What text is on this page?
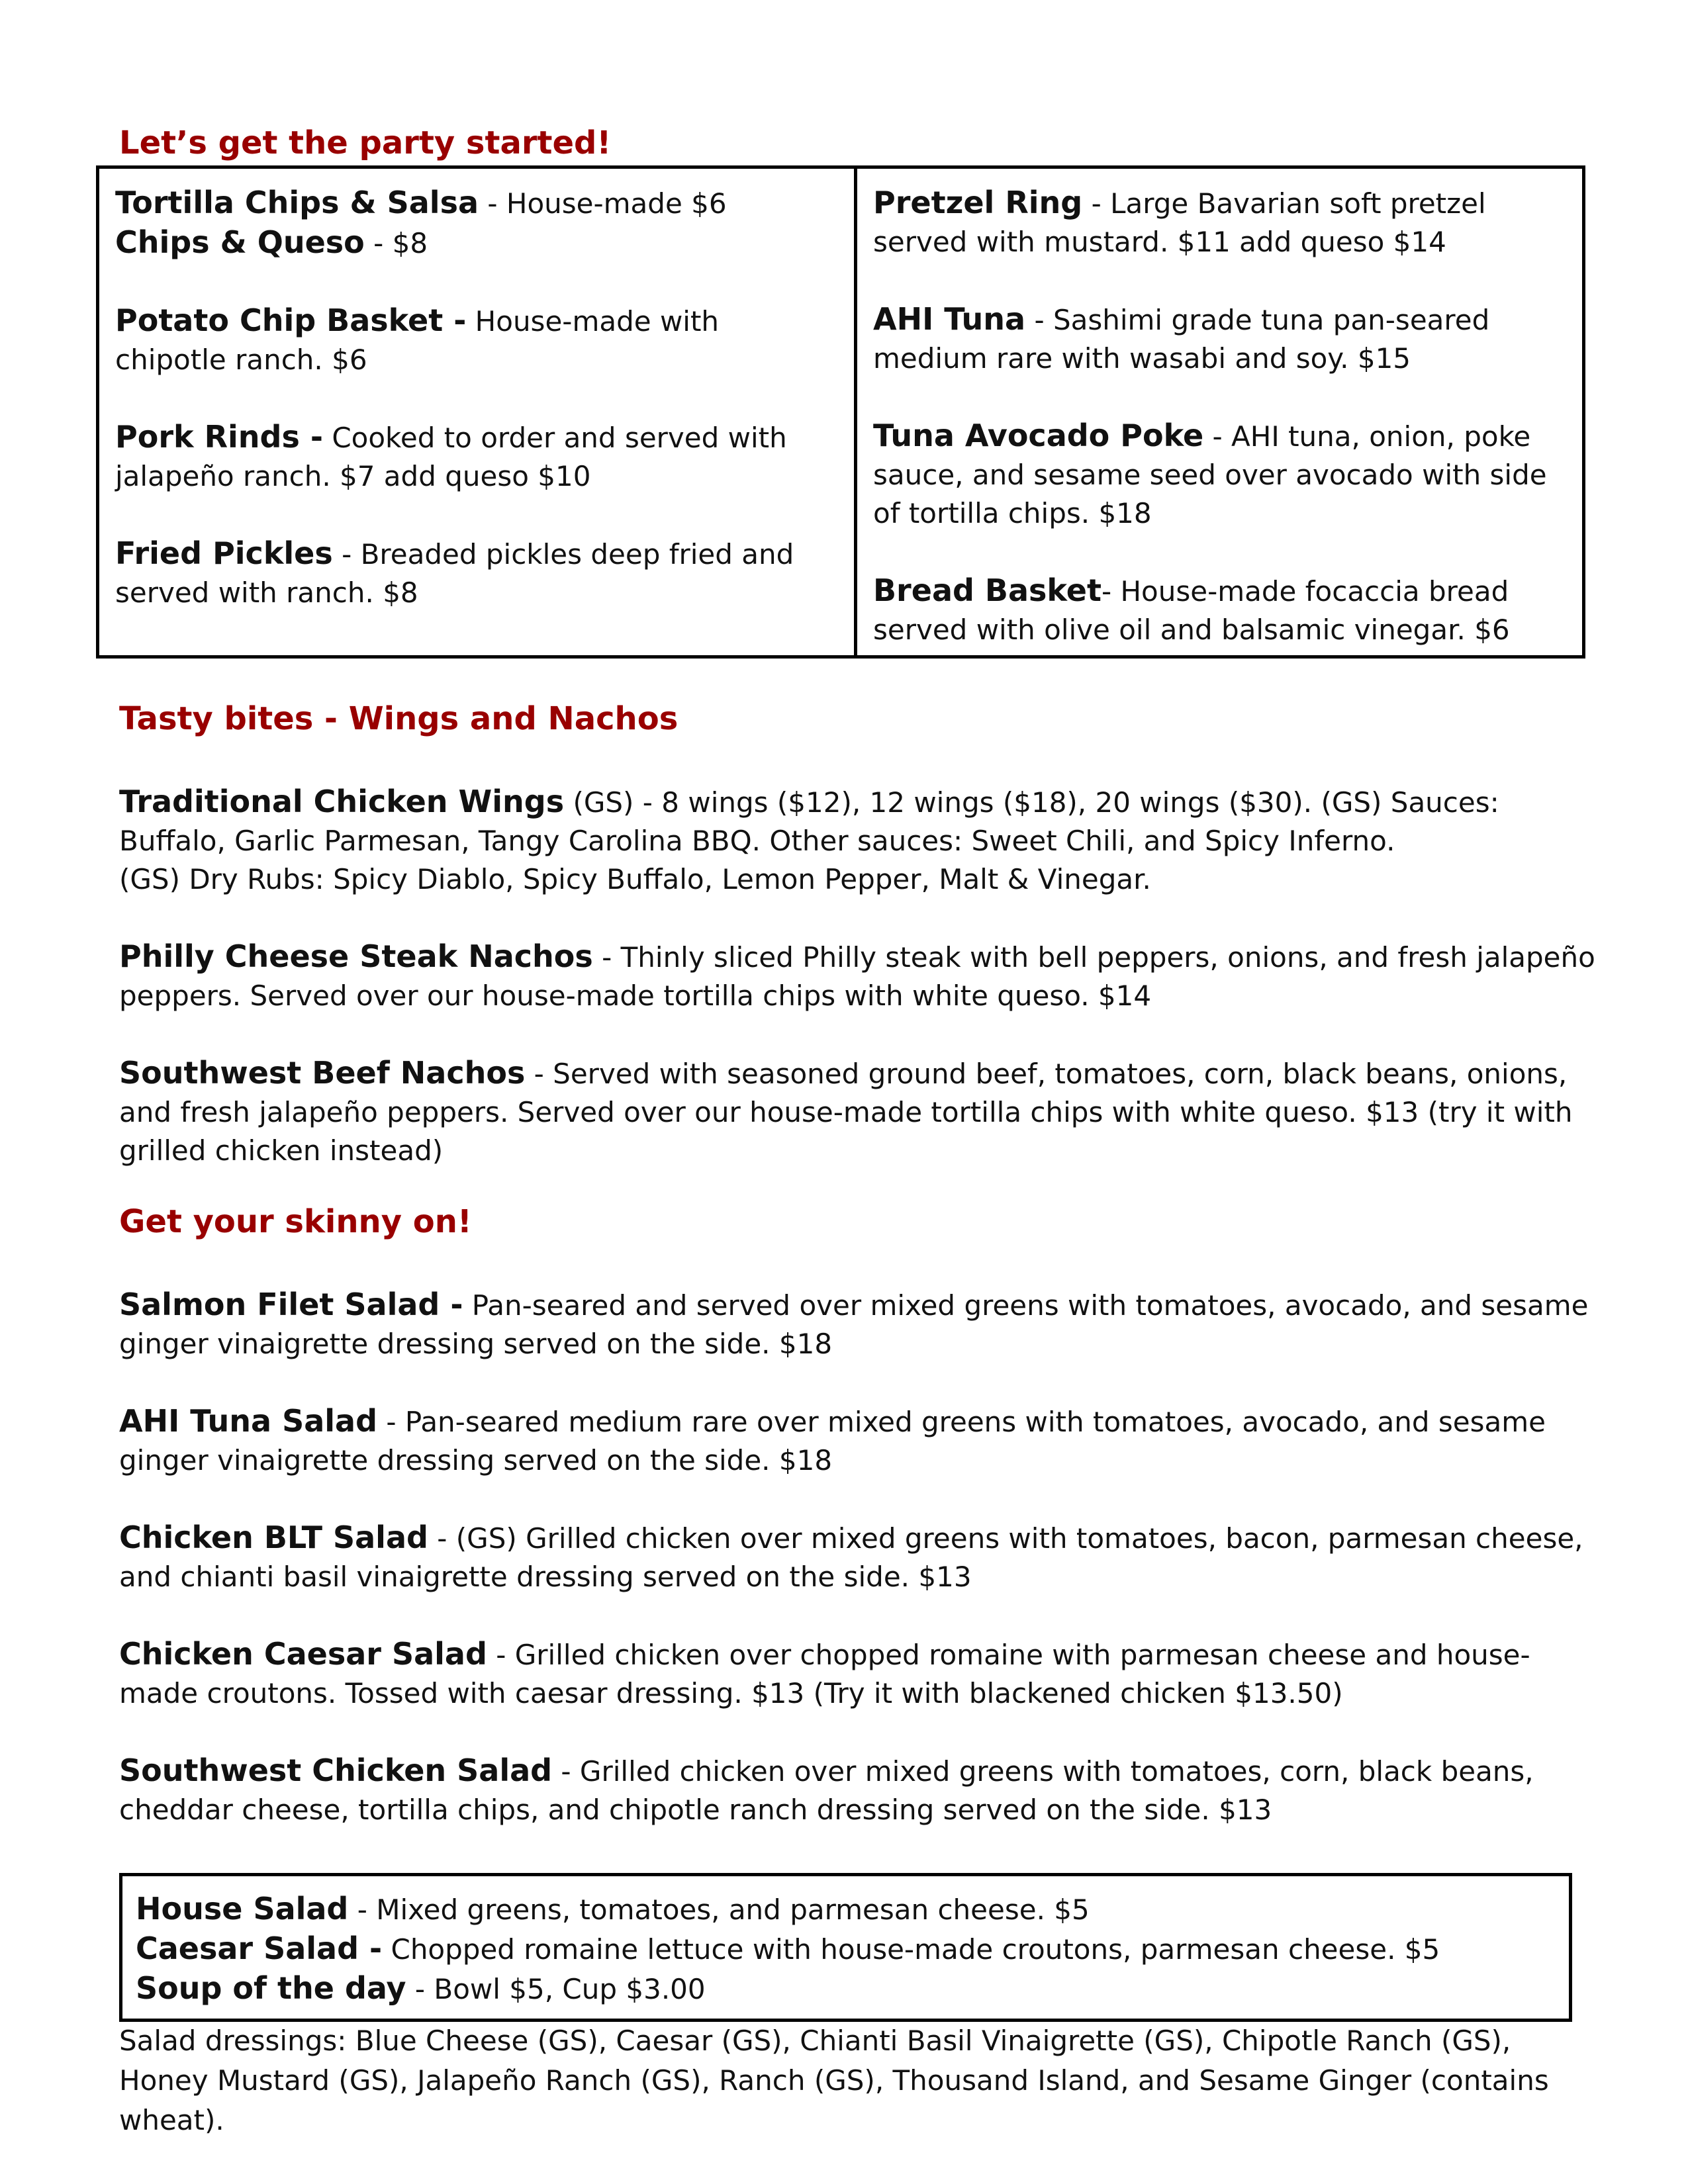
Let’s get the party started!

Tortilla Chips & Salsa - House-made $6

Chips & Queso - $8

Potato Chip Basket - House-made with chipotle ranch. $6

Pork Rinds - Cooked to order and served with jalapeño ranch. $7 add queso $10

Fried Pickles - Breaded pickles deep fried and served with ranch. $8

Pretzel Ring - Large Bavarian soft pretzel served with mustard. $11 add queso $14

AHI Tuna - Sashimi grade tuna pan-seared medium rare with wasabi and soy. $15

Tuna Avocado Poke - AHI tuna, onion, poke sauce, and sesame seed over avocado with side of tortilla chips. $18

Bread Basket- House-made focaccia bread served with olive oil and balsamic vinegar. $6

Tasty bites - Wings and Nachos
Traditional Chicken Wings (GS) - 8 wings ($12), 12 wings ($18), 20 wings ($30). (GS) Sauces: Buffalo, Garlic Parmesan, Tangy Carolina BBQ. Other sauces: Sweet Chili, and Spicy Inferno.
(GS) Dry Rubs: Spicy Diablo, Spicy Buffalo, Lemon Pepper, Malt & Vinegar.
Philly Cheese Steak Nachos - Thinly sliced Philly steak with bell peppers, onions, and fresh jalapeño peppers. Served over our house-made tortilla chips with white queso. $14
Southwest Beef Nachos - Served with seasoned ground beef, tomatoes, corn, black beans, onions, and fresh jalapeño peppers. Served over our house-made tortilla chips with white queso. $13 (try it with grilled chicken instead)
Get your skinny on!
Salmon Filet Salad - Pan-seared and served over mixed greens with tomatoes, avocado, and sesame ginger vinaigrette dressing served on the side. $18
AHI Tuna Salad - Pan-seared medium rare over mixed greens with tomatoes, avocado, and sesame ginger vinaigrette dressing served on the side. $18
Chicken BLT Salad - (GS) Grilled chicken over mixed greens with tomatoes, bacon, parmesan cheese, and chianti basil vinaigrette dressing served on the side. $13
Chicken Caesar Salad - Grilled chicken over chopped romaine with parmesan cheese and house-made croutons. Tossed with caesar dressing. $13 (Try it with blackened chicken $13.50)
Southwest Chicken Salad - Grilled chicken over mixed greens with tomatoes, corn, black beans, cheddar cheese, tortilla chips, and chipotle ranch dressing served on the side. $13

House Salad - Mixed greens, tomatoes, and parmesan cheese. $5

Caesar Salad - Chopped romaine lettuce with house-made croutons, parmesan cheese. $5

Soup of the day - Bowl $5, Cup $3.00

Salad dressings: Blue Cheese (GS), Caesar (GS), Chianti Basil Vinaigrette (GS), Chipotle Ranch (GS), Honey Mustard (GS), Jalapeño Ranch (GS), Ranch (GS), Thousand Island, and Sesame Ginger (contains wheat).
